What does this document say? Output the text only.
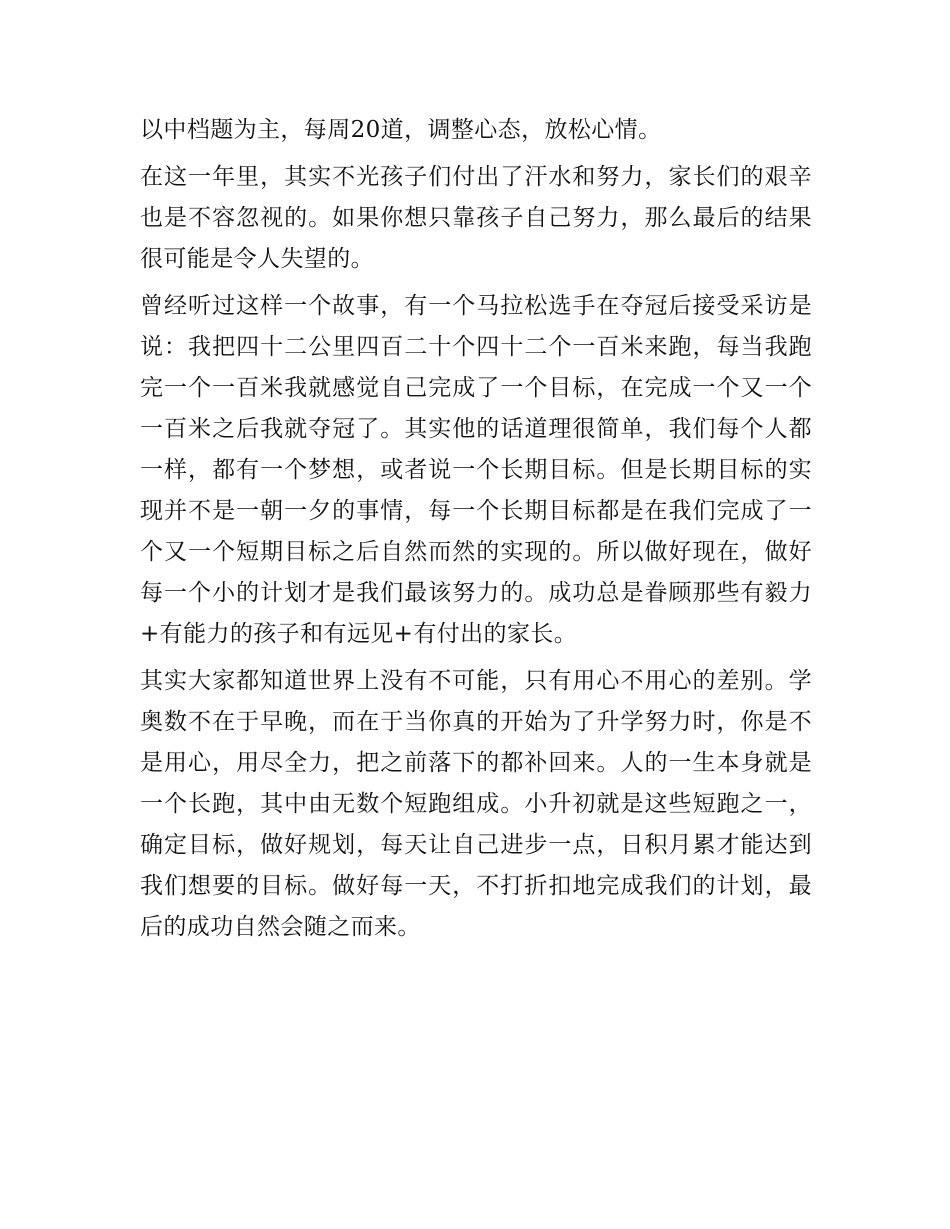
以中档题为主，每周20道，调整心态，放松心情。

在这一年里，其实不光孩子们付出了汗水和努力，家长们的艰辛也是不容忽视的。如果你想只靠孩子自己努力，那么最后的结果很可能是令人失望的。

曾经听过这样一个故事，有一个马拉松选手在夺冠后接受采访是说：我把四十二公里四百二十个四十二个一百米来跑，每当我跑完一个一百米我就感觉自己完成了一个目标，在完成一个又一个一百米之后我就夺冠了。其实他的话道理很简单，我们每个人都一样，都有一个梦想，或者说一个长期目标。但是长期目标的实现并不是一朝一夕的事情，每一个长期目标都是在我们完成了一个又一个短期目标之后自然而然的实现的。所以做好现在，做好每一个小的计划才是我们最该努力的。成功总是眷顾那些有毅力+有能力的孩子和有远见+有付出的家长。

其实大家都知道世界上没有不可能，只有用心不用心的差别。学奥数不在于早晚，而在于当你真的开始为了升学努力时，你是不是用心，用尽全力，把之前落下的都补回来。人的一生本身就是一个长跑，其中由无数个短跑组成。小升初就是这些短跑之一，确定目标，做好规划，每天让自己进步一点，日积月累才能达到我们想要的目标。做好每一天，不打折扣地完成我们的计划，最后的成功自然会随之而来。
